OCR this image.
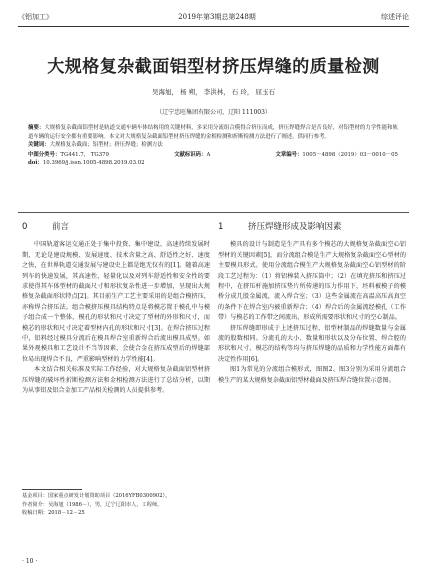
《铝加工》	2019年第3期总第248期	综述评论
大规格复杂截面铝型材挤压焊缝的质量检测
吴海旭， 杨 朔， 李洪林， 石 玲， 屈玉石
（辽宁忠旺集团有限公司，辽阳 111003）

摘要：大规格复杂截面铝型材是轨道交通车辆车体结构用的关键材料，多采用分流组合模得合挤压而成，挤压焊缝焊合是否良好，对铝型材的力学性能和轨道车辆的运行安全都有重要影响。本文对大规格复杂截面铝型材挤压焊缝的金相检测和折断检测方法进行了阐述，供同行参考。

关键词：大规格复杂截面；铝型材；挤压焊缝；检测方法

中图分类号：TG441.7， TG379	文献标识码：A	文章编号：1005－4898（2019）03－0010－05

doi：10.3969/j.issn.1005-4898.2019.03.02

0	前言

中国轨道客运交通正处于集中投资、集中建设、高速持续发展时期，无论是建设规模、发展速度、技术含量之高、舒适性之好、速度之快，在世界轨道交通发展与建设史上都是绝无仅有的[1]。随着高速列车的快速发展，其高速性、轻量化以及对列车舒适性和安全性的要求使得其车体型材的截面尺寸和形状复杂性进一步增加，呈现出大规格复杂截面形状特点[2]。其目前生产工艺主要采用的是组合模挤压，亦称焊合挤压法。组合模挤压模具结构特点是将模芯置于模孔中与模子组合成一个整体，模孔的形状和尺寸决定了型材的外形和尺寸，而模芯的形状和尺寸决定着型材内孔的形状和尺寸[3]。在焊合挤压过程中，铝料经过模具分流后在模具焊合室重新焊合后流出模具成型。如果外观模具和工艺设计不当等因素，会使合金在挤压成型后的焊缝部位易出现焊合不良，严重影响型材的力学性能[4]。

本文结合相关标准及实际工作经验，对大规格复杂截面铝型材挤压焊缝的破坏性折断检测方法和金相检测方法进行了总结分析，以期为从事铝及铝合金加工产品相关检测的人员提供参考。

1	挤压焊缝形成及影响因素

模具的设计与制造是生产具有多个模芯的大规格复杂截面空心铝型材的关键因素[5]，而分流组合模是生产大规格复杂截面空心型材的主要模具形式。使用分流组合模生产大规格复杂截面空心铝型材的阶段工艺过程为：（1）将铝棒装入挤压筒中；（2）在填充挤压和挤压过程中，在挤压杆施加挤压垫片所传递的压力作用下，坯料被模子的模桥分成几股金属流，流入焊合室；（3）这些金属流在高温高压高真空的条件下在焊合室内被重新焊合；（4）焊合后的金属流经模孔（工作带）与模芯的工作带之间流出，形成所需要形状和尺寸的空心制品。

挤压焊缝即形成于上述挤压过程，铝型材制品的焊缝数量与金属流的股数相同。分流孔的大小、数量和形状以及分布位置、焊合腔的形状和尺寸、模芯的结构等均与挤压焊缝的品质和力学性能方面都有决定性作用[6]。

图1为常见的分流组合模形式，图图2、图3分别为采用分流组合模生产的某大规格复杂截面铝型材截面及挤压焊合缝位置示意图。

基金项目：国家重点研发计划资助项目（2016YFB0300902）。

作者简介：吴海旭（1986－），男，辽宁辽阳市人，工程师。

收稿日期：2018－12－25

· 10 ·
